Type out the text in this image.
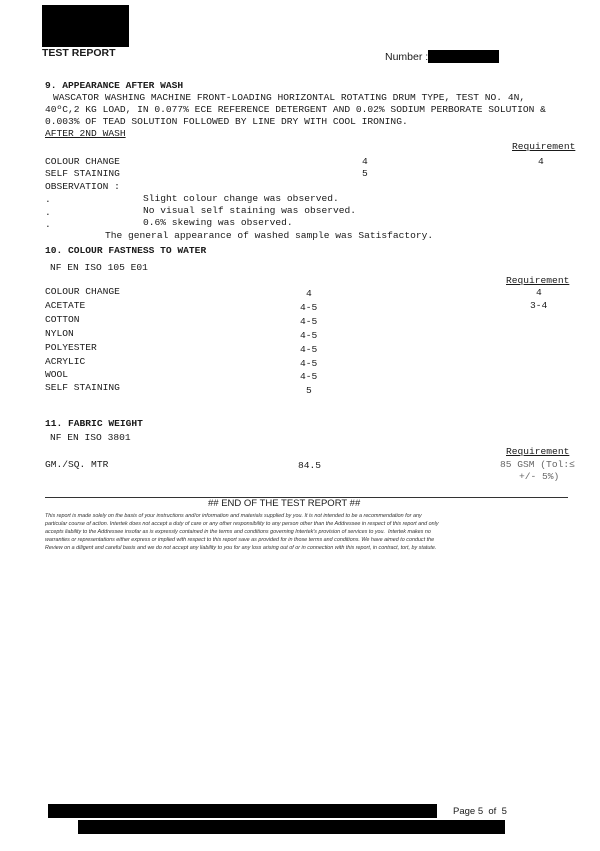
TEST REPORT	Number :
9. APPEARANCE AFTER WASH
WASCATOR WASHING MACHINE FRONT-LOADING HORIZONTAL ROTATING DRUM TYPE, TEST NO. 4N,
40ºC,2 KG LOAD, IN 0.077% ECE REFERENCE DETERGENT AND 0.02% SODIUM PERBORATE SOLUTION &
0.003% OF TEAD SOLUTION FOLLOWED BY LINE DRY WITH COOL IRONING.
AFTER 2ND WASH
Requirement
COLOUR CHANGE	4	4
SELF STAINING	5
OBSERVATION :
.	Slight colour change was observed.
.	No visual self staining was observed.
.	0.6% skewing was observed.
The general appearance of washed sample was Satisfactory.
10. COLOUR FASTNESS TO WATER
NF EN ISO 105 E01
Requirement
COLOUR CHANGE	4	4
ACETATE	4-5	3-4
COTTON	4-5
NYLON	4-5
POLYESTER	4-5
ACRYLIC	4-5
WOOL	4-5
SELF STAINING	5
11. FABRIC WEIGHT
NF EN ISO 3801
Requirement
GM./SQ. MTR	84.5	85 GSM (Tol:≤
+/- 5%)
## END OF THE TEST REPORT ##
This report is made solely on the basis of your instructions and/or information and materials supplied by you. It is not intended to be a recommendation for any
particular course of action. Intertek does not accept a duty of care or any other responsibility to any person other than the Addressee in respect of this report and only
accepts liability to the Addressee insofar as is expressly contained in the terms and conditions governing Intertek's provision of services to you.  Intertek makes no
warranties or representations either express or implied with respect to this report save as provided for in those terms and conditions. We have aimed to conduct the
Review on a diligent and careful basis and we do not accept any liability to you for any loss arising out of or in connection with this report, in contract, tort, by statute.
Page 5  of  5
